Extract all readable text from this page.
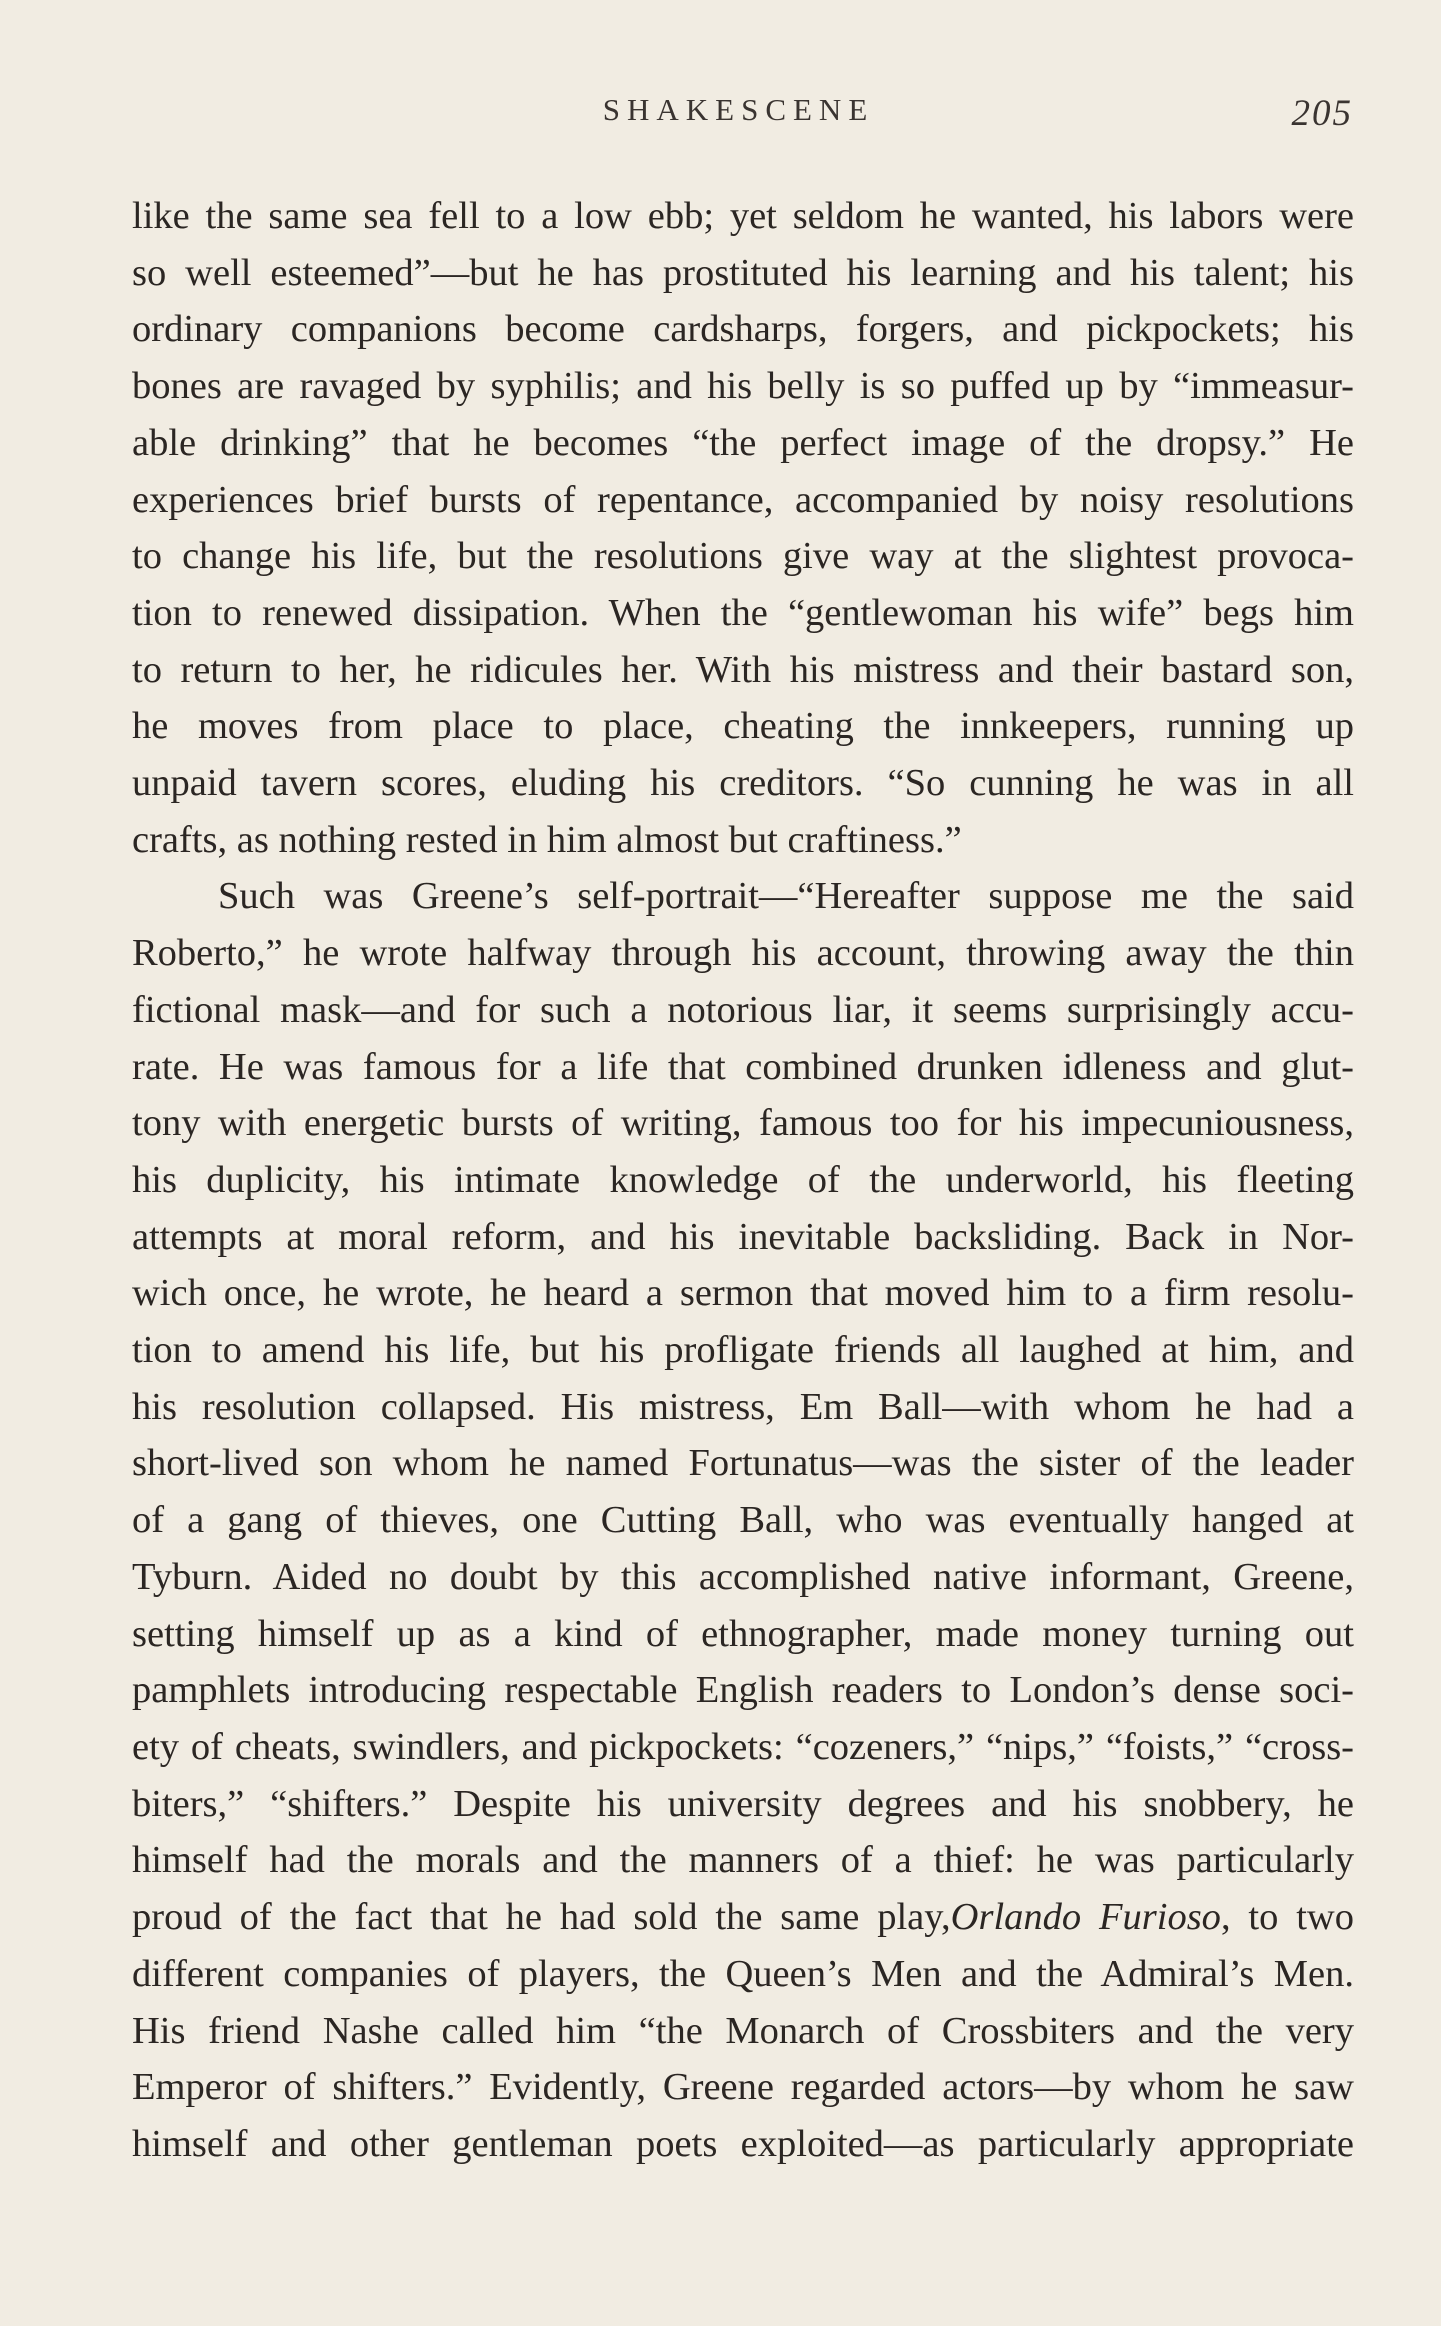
SHAKESCENE	205

like the same sea fell to a low ebb; yet seldom he wanted, his labors were
so well esteemed”—but he has prostituted his learning and his talent; his
ordinary companions become cardsharps, forgers, and pickpockets; his
bones are ravaged by syphilis; and his belly is so puffed up by “immeasur-
able drinking” that he becomes “the perfect image of the dropsy.” He
experiences brief bursts of repentance, accompanied by noisy resolutions
to change his life, but the resolutions give way at the slightest provoca-
tion to renewed dissipation. When the “gentlewoman his wife” begs him
to return to her, he ridicules her. With his mistress and their bastard son,
he moves from place to place, cheating the innkeepers, running up
unpaid tavern scores, eluding his creditors. “So cunning he was in all
crafts, as nothing rested in him almost but craftiness.”

Such was Greene’s self-portrait—“Hereafter suppose me the said
Roberto,” he wrote halfway through his account, throwing away the thin
fictional mask—and for such a notorious liar, it seems surprisingly accu-
rate. He was famous for a life that combined drunken idleness and glut-
tony with energetic bursts of writing, famous too for his impecuniousness,
his duplicity, his intimate knowledge of the underworld, his fleeting
attempts at moral reform, and his inevitable backsliding. Back in Nor-
wich once, he wrote, he heard a sermon that moved him to a firm resolu-
tion to amend his life, but his profligate friends all laughed at him, and
his resolution collapsed. His mistress, Em Ball—with whom he had a
short-lived son whom he named Fortunatus—was the sister of the leader
of a gang of thieves, one Cutting Ball, who was eventually hanged at
Tyburn. Aided no doubt by this accomplished native informant, Greene,
setting himself up as a kind of ethnographer, made money turning out
pamphlets introducing respectable English readers to London’s dense soci-
ety of cheats, swindlers, and pickpockets: “cozeners,” “nips,” “foists,” “cross-
biters,” “shifters.” Despite his university degrees and his snobbery, he
himself had the morals and the manners of a thief: he was particularly
proud of the fact that he had sold the same play,Orlando Furioso, to two
different companies of players, the Queen’s Men and the Admiral’s Men.
His friend Nashe called him “the Monarch of Crossbiters and the very
Emperor of shifters.” Evidently, Greene regarded actors—by whom he saw
himself and other gentleman poets exploited—as particularly appropriate
